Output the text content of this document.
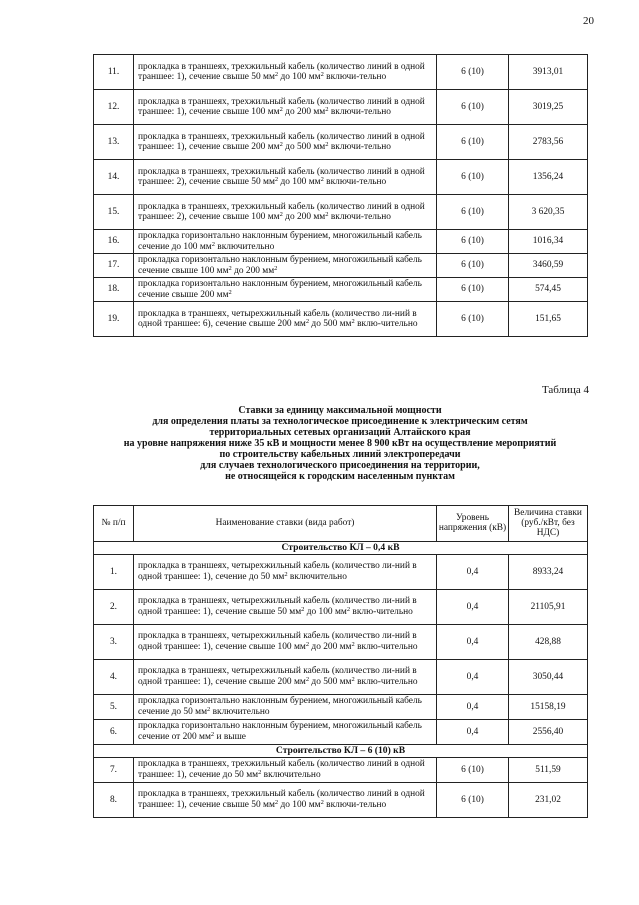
20
11.	прокладка в траншеях, трехжильный кабель (количество линий в одной траншее: 1), сечение свыше 50 $мм^2$ до 100 $мм^2$ включи-тельно	6 (10)	3913,01
12.	прокладка в траншеях, трехжильный кабель (количество линий в одной траншее: 1), сечение свыше 100 $мм^2$ до 200 $мм^2$ включи-тельно	6 (10)	3019,25
13.	прокладка в траншеях, трехжильный кабель (количество линий в одной траншее: 1), сечение свыше 200 $мм^2$ до 500 $мм^2$ включи-тельно	6 (10)	2783,56
14.	прокладка в траншеях, трехжильный кабель (количество линий в одной траншее: 2), сечение свыше 50 $мм^2$ до 100 $мм^2$ включи-тельно	6 (10)	1356,24
15.	прокладка в траншеях, трехжильный кабель (количество линий в одной траншее: 2), сечение свыше 100 $мм^2$ до 200 $мм^2$ включи-тельно	6 (10)	3 620,35
16.	прокладка горизонтально наклонным бурением, многожильный кабель сечение до 100 $мм^2$ включительно	6 (10)	1016,34
17.	прокладка горизонтально наклонным бурением, многожильный кабель сечение свыше 100 $мм^2$ до 200 $мм^2$	6 (10)	3460,59
18.	прокладка горизонтально наклонным бурением, многожильный кабель сечение свыше 200 $мм^2$	6 (10)	574,45
19.	прокладка в траншеях, четырехжильный кабель (количество ли-ний в одной траншее: 6), сечение свыше 200 $мм^2$ до 500 $мм^2$ вклю-чительно	6 (10)	151,65
Таблица 4
Ставки за единицу максимальной мощности
для определения платы за технологическое присоединение к электрическим сетям
территориальных сетевых организаций Алтайского края
на уровне напряжения ниже 35 кВ и мощности менее 8 900 кВт на осуществление мероприятий
по строительству кабельных линий электропередачи
для случаев технологического присоединения на территории,
не относящейся к городским населенным пунктам
№ п/п	Наименование ставки (вида работ)	Уровень напряжения (кВ)	Величина ставки (руб./кВт, без НДС)
Строительство КЛ – 0,4 кВ			
1.	прокладка в траншеях, четырехжильный кабель (количество ли-ний в одной траншее: 1), сечение до 50 $мм^2$ включительно	0,4	8933,24
2.	прокладка в траншеях, четырехжильный кабель (количество ли-ний в одной траншее: 1), сечение свыше 50 $мм^2$ до 100 $мм^2$ вклю-чительно	0,4	21105,91
3.	прокладка в траншеях, четырехжильный кабель (количество ли-ний в одной траншее: 1), сечение свыше 100 $мм^2$ до 200 $мм^2$ вклю-чительно	0,4	428,88
4.	прокладка в траншеях, четырехжильный кабель (количество ли-ний в одной траншее: 1), сечение свыше 200 $мм^2$ до 500 $мм^2$ вклю-чительно	0,4	3050,44
5.	прокладка горизонтально наклонным бурением, многожильный кабель сечение до 50 $мм^2$ включительно	0,4	15158,19
6.	прокладка горизонтально наклонным бурением, многожильный кабель сечение от 200 $мм^2$ и выше	0,4	2556,40
Строительство КЛ – 6 (10) кВ			
7.	прокладка в траншеях, трехжильный кабель (количество линий в одной траншее: 1), сечение до 50 $мм^2$ включительно	6 (10)	511,59
8.	прокладка в траншеях, трехжильный кабель (количество линий в одной траншее: 1), сечение свыше 50 $мм^2$ до 100 $мм^2$ включи-тельно	6 (10)	231,02
